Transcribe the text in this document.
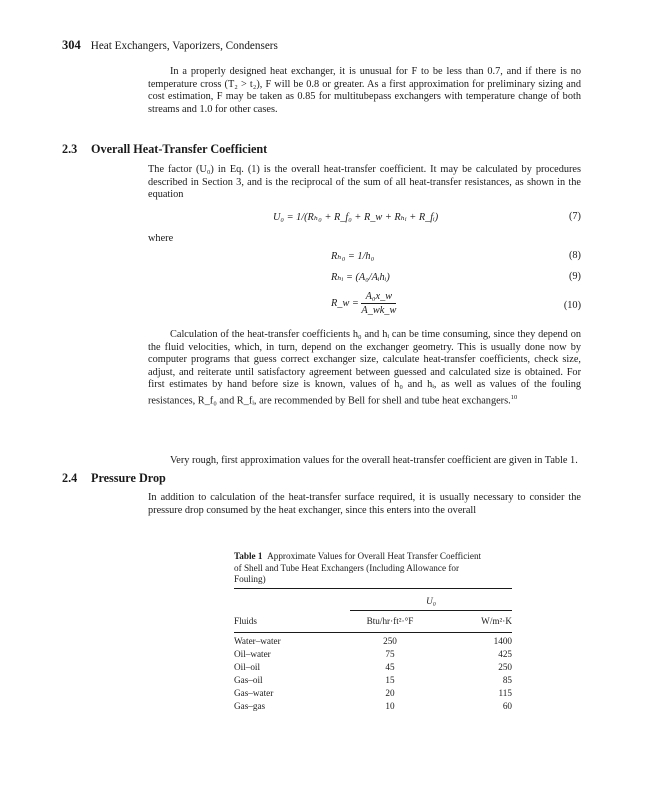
304 Heat Exchangers, Vaporizers, Condensers
In a properly designed heat exchanger, it is unusual for F to be less than 0.7, and if there is no temperature cross (T₂ > t₂), F will be 0.8 or greater. As a first approximation for preliminary sizing and cost estimation, F may be taken as 0.85 for multitubepass exchangers with temperature change of both streams and 1.0 for other cases.
2.3 Overall Heat-Transfer Coefficient
The factor (U₀) in Eq. (1) is the overall heat-transfer coefficient. It may be calculated by procedures described in Section 3, and is the reciprocal of the sum of all heat-transfer resistances, as shown in the equation
U₀ = 1/(Rₕ₀ + R_f₀ + R_w + Rₕᵢ + R_fᵢ)	(7)
where
Rₕ₀ = 1/h₀	(8)
Rₕᵢ = (A₀/Aᵢhᵢ)	(9)
R_w = $\frac{\text{A₀x\_w}}{A\_wk\_w}$	(10)
Calculation of the heat-transfer coefficients h₀ and hᵢ can be time consuming, since they depend on the fluid velocities, which, in turn, depend on the exchanger geometry. This is usually done now by computer programs that guess correct exchanger size, calculate heat-transfer coefficients, check size, adjust, and reiterate until satisfactory agreement between guessed and calculated size is obtained. For first estimates by hand before size is known, values of h₀ and hᵢ, as well as values of the fouling resistances, R_f₀ and R_fᵢ, are recommended by Bell for shell and tube heat exchangers.$^{10}$
Very rough, first approximation values for the overall heat-transfer coefficient are given in Table 1.
2.4 Pressure Drop
In addition to calculation of the heat-transfer surface required, it is usually necessary to consider the pressure drop consumed by the heat exchanger, since this enters into the overall
Table 1 Approximate Values for Overall Heat Transfer Coefficient of Shell and Tube Heat Exchangers (Including Allowance for Fouling)
U₀
Fluids	Btu/hr·ft²·°F	W/m²·K
Water–water	250	1400
Oil–water	75	425
Oil–oil	45	250
Gas–oil	15	85
Gas–water	20	115
Gas–gas	10	60
